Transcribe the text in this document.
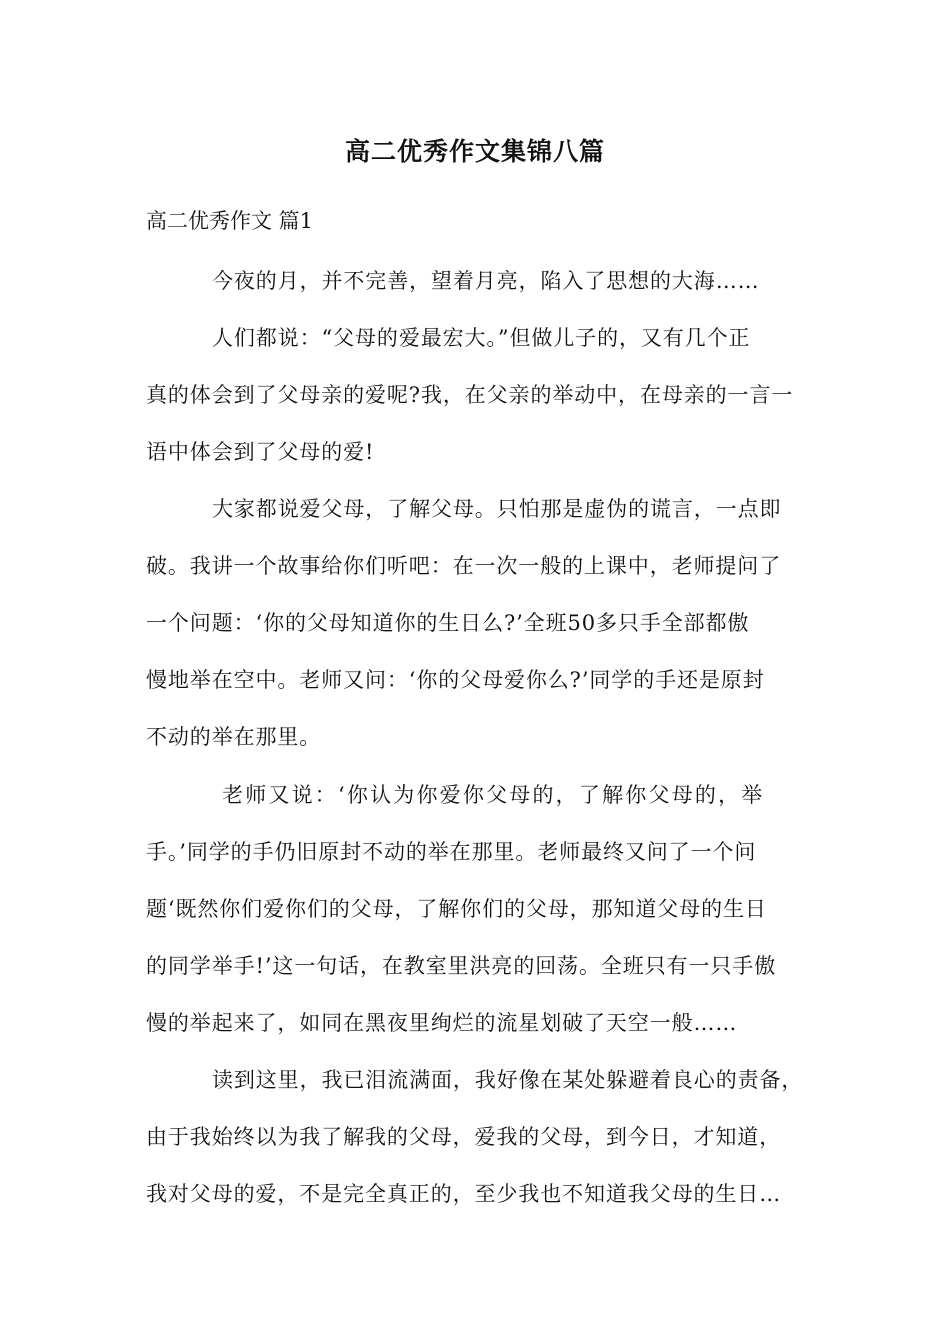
高二优秀作文集锦八篇
高二优秀作文 篇1
今夜的月，并不完善，望着月亮，陷入了思想的大海……
人们都说：“父母的爱最宏大。”但做儿子的，又有几个正
真的体会到了父母亲的爱呢?我，在父亲的举动中，在母亲的一言一
语中体会到了父母的爱!
大家都说爱父母，了解父母。只怕那是虚伪的谎言，一点即
破。我讲一个故事给你们听吧：在一次一般的上课中，老师提问了
一个问题：‘你的父母知道你的生日么?’全班50多只手全部都傲
慢地举在空中。老师又问：‘你的父母爱你么?’同学的手还是原封
不动的举在那里。
老师又说：‘你认为你爱你父母的，了解你父母的，举
手。’同学的手仍旧原封不动的举在那里。老师最终又问了一个问
题‘既然你们爱你们的父母，了解你们的父母，那知道父母的生日
的同学举手!’这一句话，在教室里洪亮的回荡。全班只有一只手傲
慢的举起来了，如同在黑夜里绚烂的流星划破了天空一般……
读到这里，我已泪流满面，我好像在某处躲避着良心的责备，
由于我始终以为我了解我的父母，爱我的父母，到今日，才知道，
我对父母的爱，不是完全真正的，至少我也不知道我父母的生日…
